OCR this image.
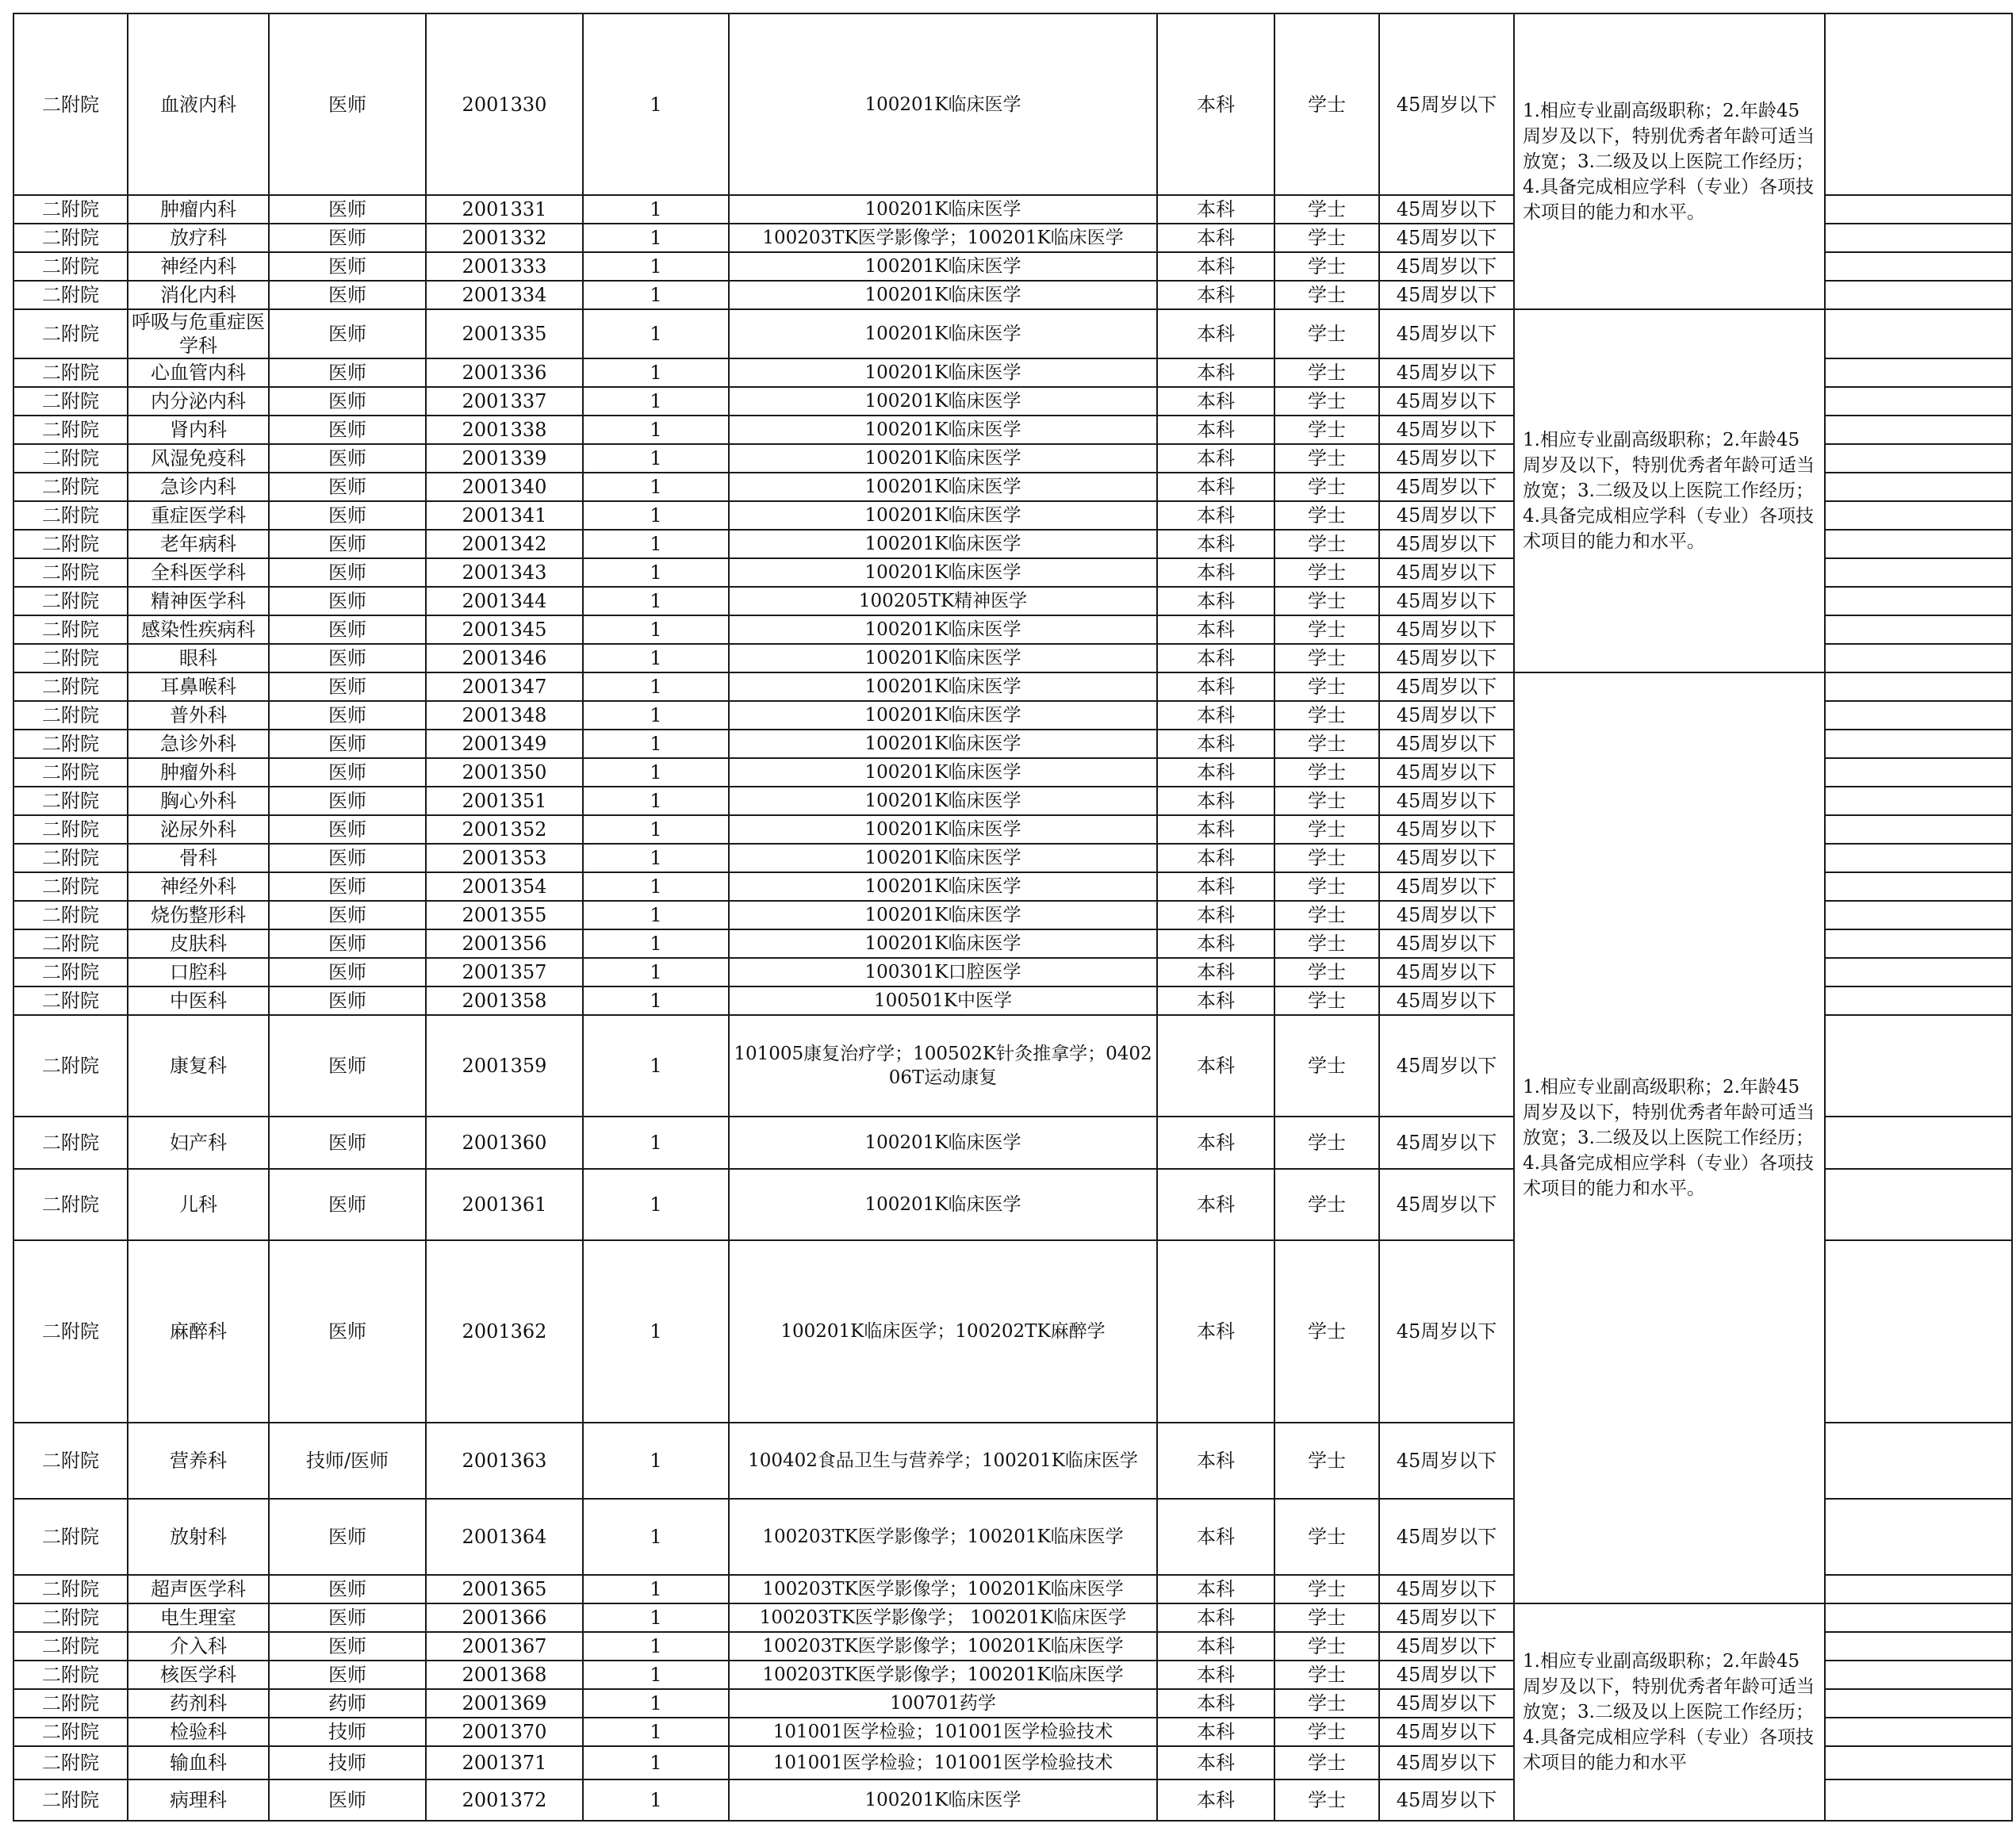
二附院	血液内科	医师	2001330	1	100201K临床医学	本科	学士	45周岁以下	1.相应专业副高级职称；2.年龄45周岁及以下，特别优秀者年龄可适当放宽；3.二级及以上医院工作经历；4.具备完成相应学科（专业）各项技术项目的能力和水平。	
二附院	肿瘤内科	医师	2001331	1	100201K临床医学	本科	学士	45周岁以下		
二附院	放疗科	医师	2001332	1	100203TK医学影像学；100201K临床医学	本科	学士	45周岁以下		
二附院	神经内科	医师	2001333	1	100201K临床医学	本科	学士	45周岁以下		
二附院	消化内科	医师	2001334	1	100201K临床医学	本科	学士	45周岁以下		
二附院	呼吸与危重症医学科	医师	2001335	1	100201K临床医学	本科	学士	45周岁以下	1.相应专业副高级职称；2.年龄45周岁及以下，特别优秀者年龄可适当放宽；3.二级及以上医院工作经历；4.具备完成相应学科（专业）各项技术项目的能力和水平。	
二附院	心血管内科	医师	2001336	1	100201K临床医学	本科	学士	45周岁以下		
二附院	内分泌内科	医师	2001337	1	100201K临床医学	本科	学士	45周岁以下		
二附院	肾内科	医师	2001338	1	100201K临床医学	本科	学士	45周岁以下		
二附院	风湿免疫科	医师	2001339	1	100201K临床医学	本科	学士	45周岁以下		
二附院	急诊内科	医师	2001340	1	100201K临床医学	本科	学士	45周岁以下		
二附院	重症医学科	医师	2001341	1	100201K临床医学	本科	学士	45周岁以下		
二附院	老年病科	医师	2001342	1	100201K临床医学	本科	学士	45周岁以下		
二附院	全科医学科	医师	2001343	1	100201K临床医学	本科	学士	45周岁以下		
二附院	精神医学科	医师	2001344	1	100205TK精神医学	本科	学士	45周岁以下		
二附院	感染性疾病科	医师	2001345	1	100201K临床医学	本科	学士	45周岁以下		
二附院	眼科	医师	2001346	1	100201K临床医学	本科	学士	45周岁以下		
二附院	耳鼻喉科	医师	2001347	1	100201K临床医学	本科	学士	45周岁以下	1.相应专业副高级职称；2.年龄45周岁及以下，特别优秀者年龄可适当放宽；3.二级及以上医院工作经历；4.具备完成相应学科（专业）各项技术项目的能力和水平。	
二附院	普外科	医师	2001348	1	100201K临床医学	本科	学士	45周岁以下		
二附院	急诊外科	医师	2001349	1	100201K临床医学	本科	学士	45周岁以下		
二附院	肿瘤外科	医师	2001350	1	100201K临床医学	本科	学士	45周岁以下		
二附院	胸心外科	医师	2001351	1	100201K临床医学	本科	学士	45周岁以下		
二附院	泌尿外科	医师	2001352	1	100201K临床医学	本科	学士	45周岁以下		
二附院	骨科	医师	2001353	1	100201K临床医学	本科	学士	45周岁以下		
二附院	神经外科	医师	2001354	1	100201K临床医学	本科	学士	45周岁以下		
二附院	烧伤整形科	医师	2001355	1	100201K临床医学	本科	学士	45周岁以下		
二附院	皮肤科	医师	2001356	1	100201K临床医学	本科	学士	45周岁以下		
二附院	口腔科	医师	2001357	1	100301K口腔医学	本科	学士	45周岁以下		
二附院	中医科	医师	2001358	1	100501K中医学	本科	学士	45周岁以下		
二附院	康复科	医师	2001359	1	101005康复治疗学；100502K针灸推拿学；040206T运动康复	本科	学士	45周岁以下		
二附院	妇产科	医师	2001360	1	100201K临床医学	本科	学士	45周岁以下		
二附院	儿科	医师	2001361	1	100201K临床医学	本科	学士	45周岁以下		
二附院	麻醉科	医师	2001362	1	100201K临床医学；100202TK麻醉学	本科	学士	45周岁以下		
二附院	营养科	技师/医师	2001363	1	100402食品卫生与营养学；100201K临床医学	本科	学士	45周岁以下		
二附院	放射科	医师	2001364	1	100203TK医学影像学；100201K临床医学	本科	学士	45周岁以下		
二附院	超声医学科	医师	2001365	1	100203TK医学影像学；100201K临床医学	本科	学士	45周岁以下		
二附院	电生理室	医师	2001366	1	100203TK医学影像学； 100201K临床医学	本科	学士	45周岁以下	1.相应专业副高级职称；2.年龄45周岁及以下，特别优秀者年龄可适当放宽；3.二级及以上医院工作经历；4.具备完成相应学科（专业）各项技术项目的能力和水平	
二附院	介入科	医师	2001367	1	100203TK医学影像学；100201K临床医学	本科	学士	45周岁以下		
二附院	核医学科	医师	2001368	1	100203TK医学影像学；100201K临床医学	本科	学士	45周岁以下		
二附院	药剂科	药师	2001369	1	100701药学	本科	学士	45周岁以下		
二附院	检验科	技师	2001370	1	101001医学检验；101001医学检验技术	本科	学士	45周岁以下		
二附院	输血科	技师	2001371	1	101001医学检验；101001医学检验技术	本科	学士	45周岁以下		
二附院	病理科	医师	2001372	1	100201K临床医学	本科	学士	45周岁以下		
